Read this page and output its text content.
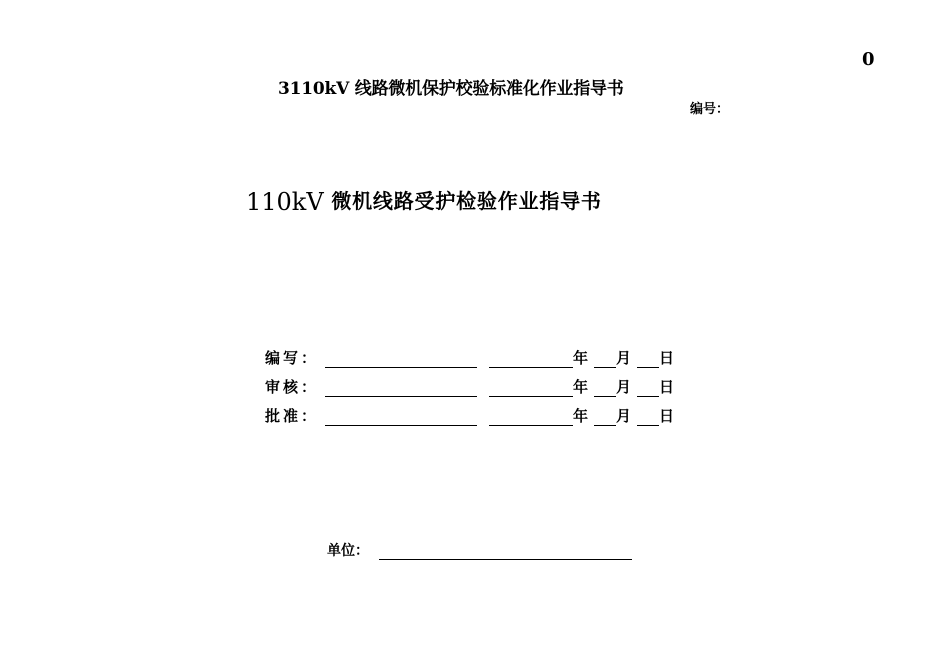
0
3110kV 线路微机保护校验标准化作业指导书
编号：
110kV 微机线路受护检验作业指导书
编写：	年 月 日
审核：	年 月 日
批准：	年 月 日
单位：
